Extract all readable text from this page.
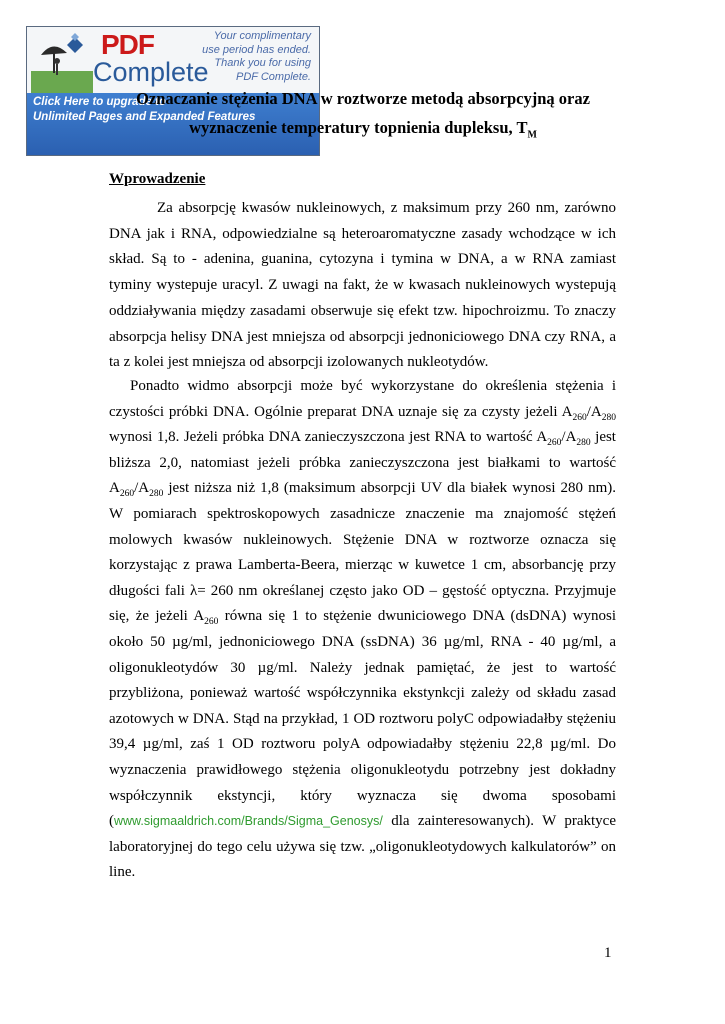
PDF
Complete
Your complimentary
use period has ended.
Thank you for using
PDF Complete.
Click Here to upgrade to
Unlimited Pages and Expanded Features
Oznaczanie stężenia DNA w roztworze metodą absorpcyjną oraz
wyznaczenie temperatury topnienia dupleksu, $T_M$
Wprowadzenie
Za absorpcję kwasów nukleinowych, z maksimum przy 260 nm, zarówno DNA jak i RNA, odpowiedzialne są heteroaromatyczne zasady wchodzące w ich skład. Są to - adenina, guanina, cytozyna i tymina w DNA, a w RNA zamiast tyminy wystepuje uracyl. Z uwagi na fakt, że w kwasach nukleinowych wystepują oddziaływania między zasadami obserwuje się efekt tzw. hipochroizmu. To znaczy absorpcja helisy DNA jest mniejsza od absorpcji jednoniciowego DNA czy RNA, a ta z kolei jest mniejsza od absorpcji izolowanych nukleotydów.
Ponadto widmo absorpcji może być wykorzystane do określenia stężenia i czystości próbki DNA. Ogólnie preparat DNA uznaje się za czysty jeżeli $A_{260}/A_{280}$ wynosi 1,8. Jeżeli próbka DNA zanieczyszczona jest RNA to wartość $A_{260}/A_{280}$ jest bliższa 2,0, natomiast jeżeli próbka zanieczyszczona jest białkami to wartość $A_{260}/A_{280}$ jest niższa niż 1,8 (maksimum absorpcji UV dla białek wynosi 280 nm). W pomiarach spektroskopowych zasadnicze znaczenie ma znajomość stężeń molowych kwasów nukleinowych. Stężenie DNA w roztworze oznacza się korzystając z prawa Lamberta-Beera, mierząc w kuwetce 1 cm, absorbancję przy długości fali λ= 260 nm określanej często jako OD – gęstość optyczna. Przyjmuje się, że jeżeli $A_{260}$ równa się 1 to stężenie dwuniciowego DNA (dsDNA) wynosi około 50 µg/ml, jednoniciowego DNA (ssDNA) 36 µg/ml, RNA - 40 µg/ml, a oligonukleotydów 30 µg/ml. Należy jednak pamiętać, że jest to wartość przybliżona, ponieważ wartość współczynnika ekstynkcji zależy od składu zasad azotowych w DNA. Stąd na przykład, 1 OD roztworu polyC odpowiadałby stężeniu 39,4 µg/ml, zaś 1 OD roztworu polyA odpowiadałby stężeniu 22,8 µg/ml. Do wyznaczenia prawidłowego stężenia oligonukleotydu potrzebny jest dokładny współczynnik ekstyncji, który wyznacza się dwoma sposobami (www.sigmaaldrich.com/Brands/Sigma_Genosys/ dla zainteresowanych). W praktyce laboratoryjnej do tego celu używa się tzw. „oligonukleotydowych kalkulatorów” on line.
1
